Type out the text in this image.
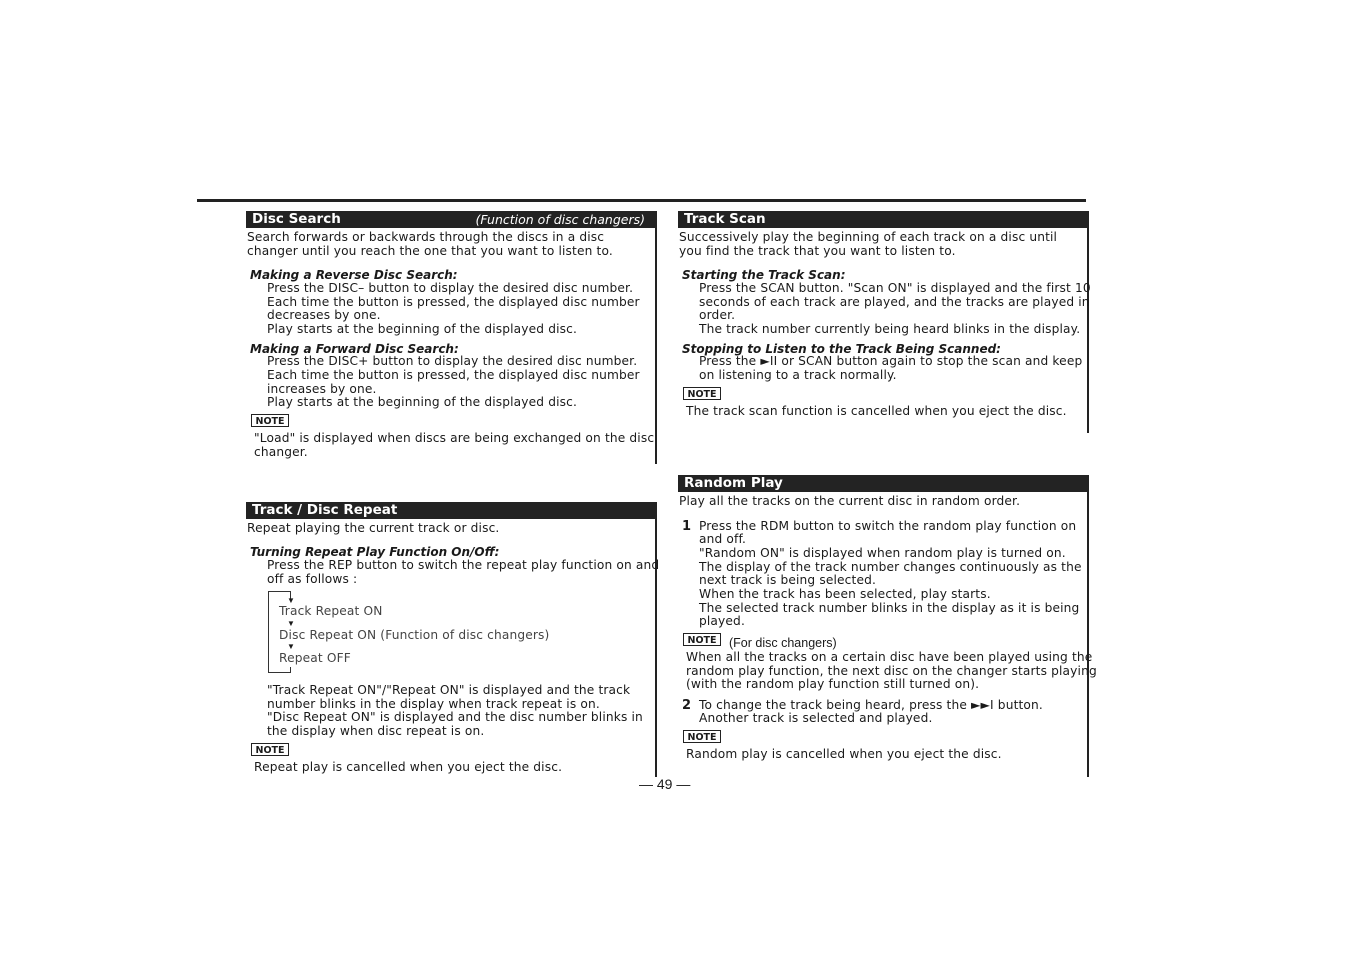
Disc Search	(Function of disc changers)
Search forwards or backwards through the discs in a disc
changer until you reach the one that you want to listen to.
Making a Reverse Disc Search:
Press the DISC– button to display the desired disc number.
Each time the button is pressed, the displayed disc number
decreases by one.
Play starts at the beginning of the displayed disc.
Making a Forward Disc Search:
Press the DISC+ button to display the desired disc number.
Each time the button is pressed, the displayed disc number
increases by one.
Play starts at the beginning of the displayed disc.
NOTE
"Load" is displayed when discs are being exchanged on the disc
changer.
Track / Disc Repeat
Repeat playing the current track or disc.
Turning Repeat Play Function On/Off:
Press the REP button to switch the repeat play function on and
off as follows :
▼
▼
▼
Track Repeat ON
Disc Repeat ON (Function of disc changers)
Repeat OFF
"Track Repeat ON"/"Repeat ON" is displayed and the track
number blinks in the display when track repeat is on.
"Disc Repeat ON" is displayed and the disc number blinks in
the display when disc repeat is on.
NOTE
Repeat play is cancelled when you eject the disc.
Track Scan
Successively play the beginning of each track on a disc until
you find the track that you want to listen to.
Starting the Track Scan:
Press the SCAN button. "Scan ON" is displayed and the first 10
seconds of each track are played, and the tracks are played in
order.
The track number currently being heard blinks in the display.
Stopping to Listen to the Track Being Scanned:
Press the ►II or SCAN button again to stop the scan and keep
on listening to a track normally.
NOTE
The track scan function is cancelled when you eject the disc.
Random Play
Play all the tracks on the current disc in random order.
1 Press the RDM button to switch the random play function on
and off.
"Random ON" is displayed when random play is turned on.
The display of the track number changes continuously as the
next track is being selected.
When the track has been selected, play starts.
The selected track number blinks in the display as it is being
played.
NOTE	(For disc changers)
When all the tracks on a certain disc have been played using the
random play function, the next disc on the changer starts playing
(with the random play function still turned on).
2 To change the track being heard, press the ►►I button.
Another track is selected and played.
NOTE
Random play is cancelled when you eject the disc.
— 49 —
